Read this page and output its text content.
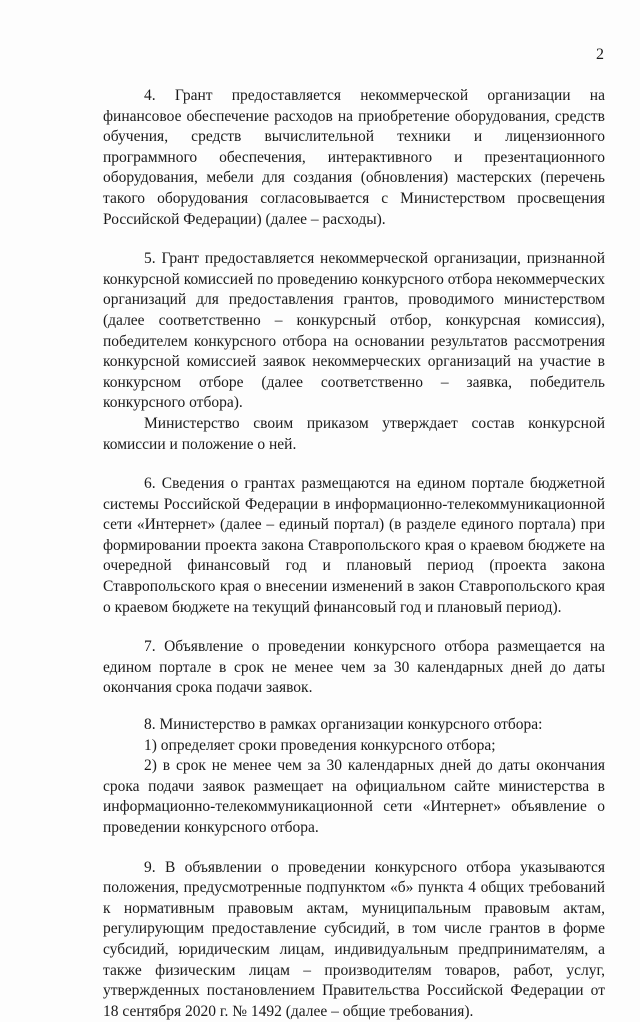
2

4. Грант предоставляется некоммерческой организации на финансовое обеспечение расходов на приобретение оборудования, средств обучения, средств вычислительной техники и лицензионного программного обеспечения, интерактивного и презентационного оборудования, мебели для создания (обновления) мастерских (перечень такого оборудования согласовывается с Министерством просвещения Российской Федерации) (далее – расходы).

5. Грант предоставляется некоммерческой организации, признанной конкурсной комиссией по проведению конкурсного отбора некоммерческих организаций для предоставления грантов, проводимого министерством (далее соответственно – конкурсный отбор, конкурсная комиссия), победителем конкурсного отбора на основании результатов рассмотрения конкурсной комиссией заявок некоммерческих организаций на участие в конкурсном отборе (далее соответственно – заявка, победитель конкурсного отбора).

Министерство своим приказом утверждает состав конкурсной комиссии и положение о ней.

6. Сведения о грантах размещаются на едином портале бюджетной системы Российской Федерации в информационно-телекоммуникационной сети «Интернет» (далее – единый портал) (в разделе единого портала) при формировании проекта закона Ставропольского края о краевом бюджете на очередной финансовый год и плановый период (проекта закона Ставропольского края о внесении изменений в закон Ставропольского края о краевом бюджете на текущий финансовый год и плановый период).

7. Объявление о проведении конкурсного отбора размещается на едином портале в срок не менее чем за 30 календарных дней до даты окончания срока подачи заявок.

8. Министерство в рамках организации конкурсного отбора:

1) определяет сроки проведения конкурсного отбора;

2) в срок не менее чем за 30 календарных дней до даты окончания срока подачи заявок размещает на официальном сайте министерства в информационно-телекоммуникационной сети «Интернет» объявление о проведении конкурсного отбора.

9. В объявлении о проведении конкурсного отбора указываются положения, предусмотренные подпунктом «б» пункта 4 общих требований к нормативным правовым актам, муниципальным правовым актам, регулирующим предоставление субсидий, в том числе грантов в форме субсидий, юридическим лицам, индивидуальным предпринимателям, а также физическим лицам – производителям товаров, работ, услуг, утвержденных постановлением Правительства Российской Федерации от 18 сентября 2020 г. № 1492 (далее – общие требования).
